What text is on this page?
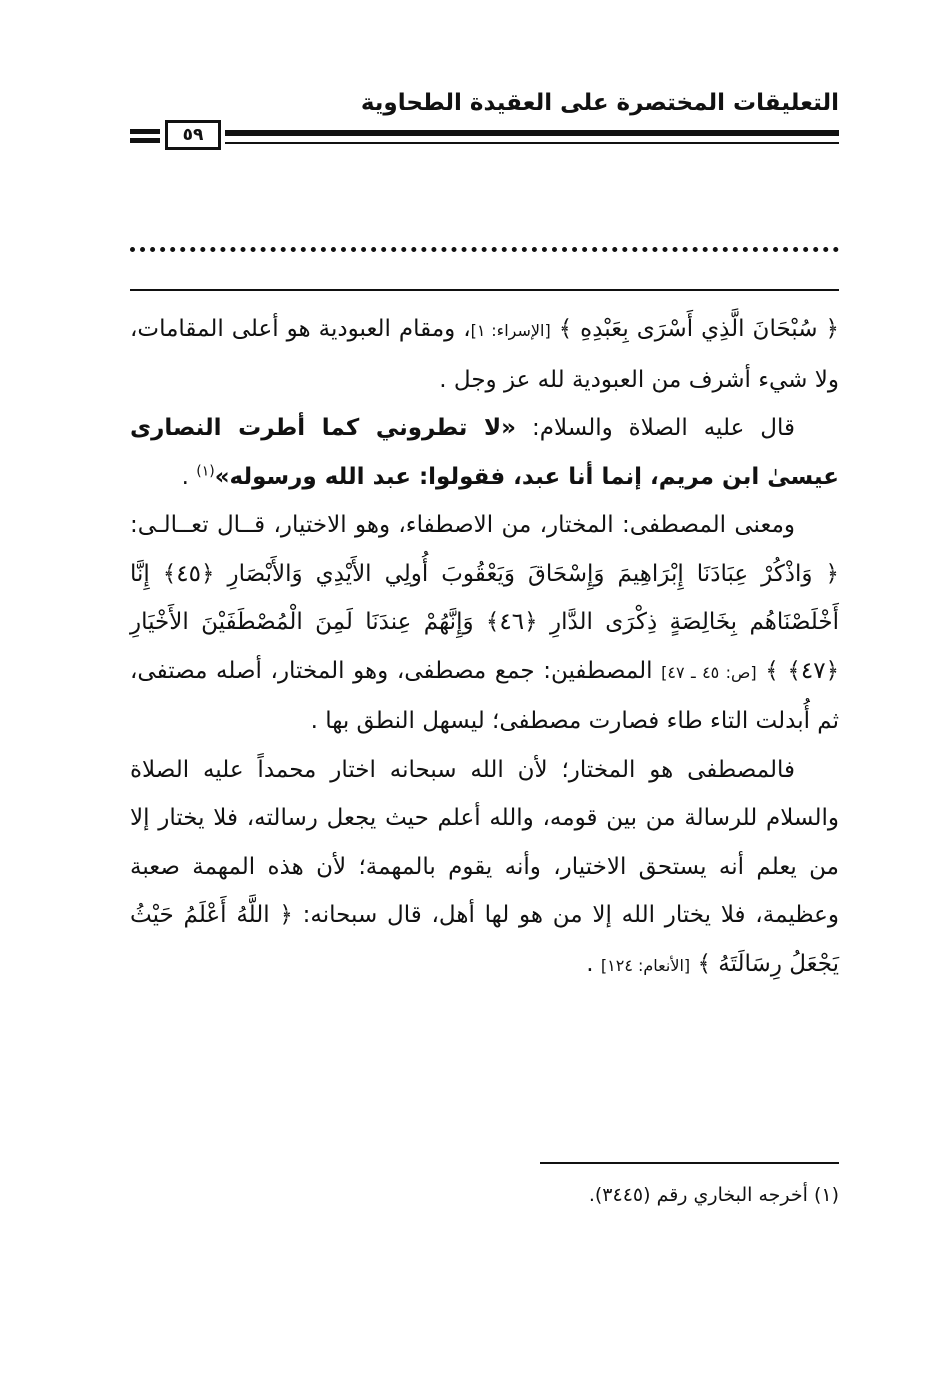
التعليقات المختصرة على العقيدة الطحاوية
٥٩

﴿ سُبْحَانَ الَّذِي أَسْرَى بِعَبْدِهِ ﴾ [الإسراء: ١]، ومقام العبودية هو أعلى المقامات، ولا شيء أشرف من العبودية لله عز وجل .

قال عليه الصلاة والسلام: «لا تطروني كما أطرت النصارى عيسىٰ ابن مريم، إنما أنا عبد، فقولوا: عبد الله ورسوله»$^{(١)}$ .

ومعنى المصطفى: المختار، من الاصطفاء، وهو الاختيار، قــال تعــالـى: ﴿ وَاذْكُرْ عِبَادَنَا إِبْرَاهِيمَ وَإِسْحَاقَ وَيَعْقُوبَ أُولِي الأَيْدِي وَالأَبْصَارِ ﴿٤٥﴾ إِنَّا أَخْلَصْنَاهُم بِخَالِصَةٍ ذِكْرَى الدَّارِ ﴿٤٦﴾ وَإِنَّهُمْ عِندَنَا لَمِنَ الْمُصْطَفَيْنَ الأَخْيَارِ ﴿٤٧﴾ ﴾ [ص: ٤٥ ـ ٤٧] المصطفين: جمع مصطفى، وهو المختار، أصله مصتفى، ثم أُبدلت التاء طاء فصارت مصطفى؛ ليسهل النطق بها .

فالمصطفى هو المختار؛ لأن الله سبحانه اختار محمداً عليه الصلاة والسلام للرسالة من بين قومه، والله أعلم حيث يجعل رسالته، فلا يختار إلا من يعلم أنه يستحق الاختيار، وأنه يقوم بالمهمة؛ لأن هذه المهمة صعبة وعظيمة، فلا يختار الله إلا من هو لها أهل، قال سبحانه: ﴿ اللَّهُ أَعْلَمُ حَيْثُ يَجْعَلُ رِسَالَتَهُ ﴾ [الأنعام: ١٢٤] .

(١) أخرجه البخاري رقم (٣٤٤٥).
